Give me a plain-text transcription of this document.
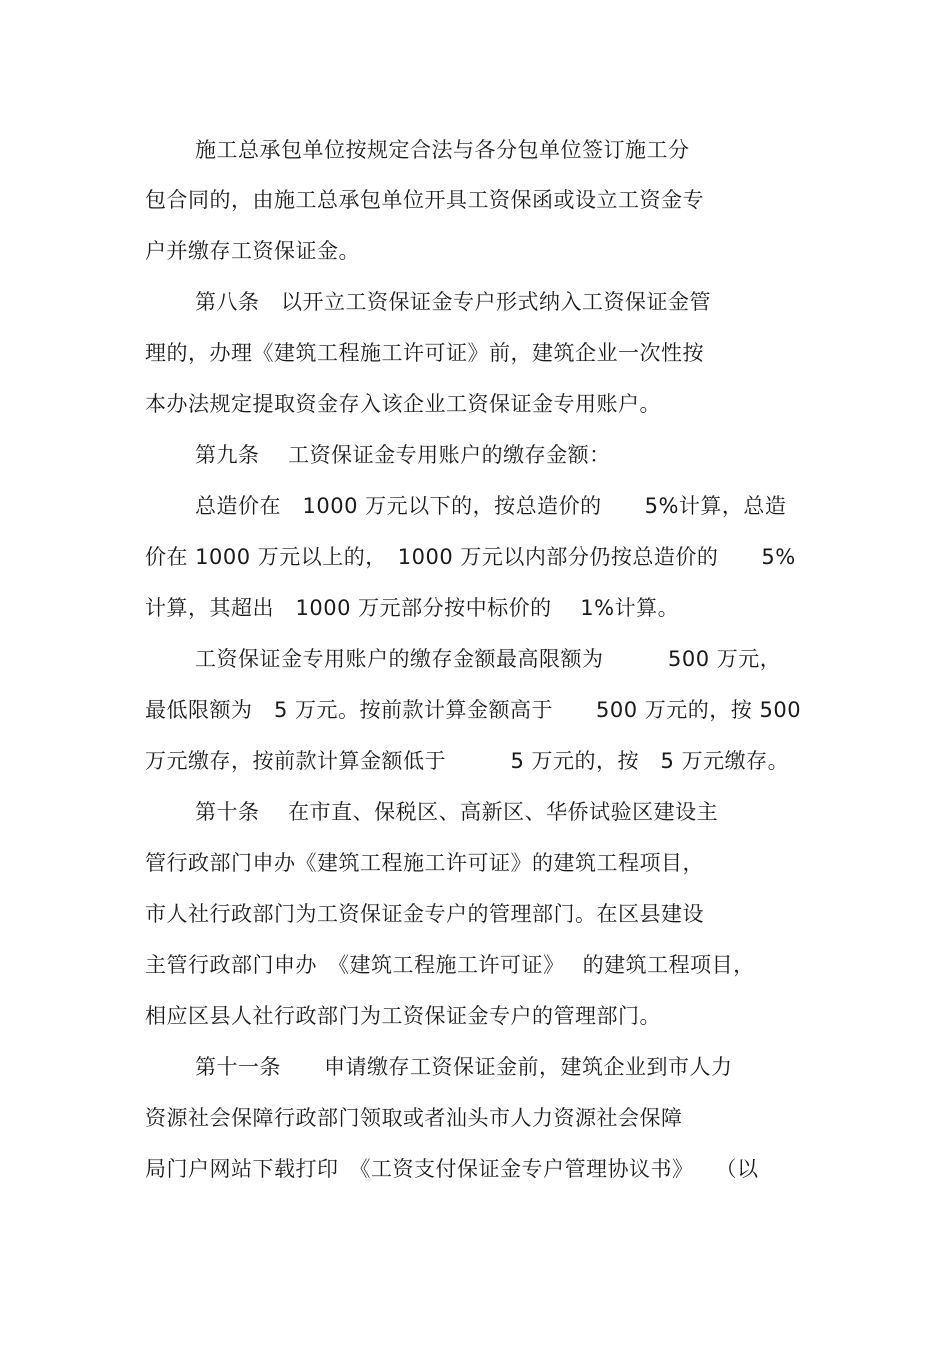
施工总承包单位按规定合法与各分包单位签订施工分
包合同的，由施工总承包单位开具工资保函或设立工资金专
户并缴存工资保证金。
第八条　以开立工资保证金专户形式纳入工资保证金管
理的，办理《建筑工程施工许可证》前，建筑企业一次性按
本办法规定提取资金存入该企业工资保证金专用账户。
第九条　 工资保证金专用账户的缴存金额：
总造价在　1000 万元以下的，按总造价的　　5%计算，总造
价在 1000 万元以上的，　1000 万元以内部分仍按总造价的　　5%
计算，其超出　1000 万元部分按中标价的　 1%计算。
工资保证金专用账户的缴存金额最高限额为　　　500 万元，
最低限额为　5 万元。按前款计算金额高于　　500 万元的，按 500
万元缴存，按前款计算金额低于　　　5 万元的，按　5 万元缴存。
第十条　 在市直、保税区、高新区、华侨试验区建设主
管行政部门申办《建筑工程施工许可证》的建筑工程项目，
市人社行政部门为工资保证金专户的管理部门。在区县建设
主管行政部门申办　《建筑工程施工许可证》　 的建筑工程项目，
相应区县人社行政部门为工资保证金专户的管理部门。
第十一条　　申请缴存工资保证金前，建筑企业到市人力
资源社会保障行政部门领取或者汕头市人力资源社会保障
局门户网站下载打印　《工资支付保证金专户管理协议书》　　（以
